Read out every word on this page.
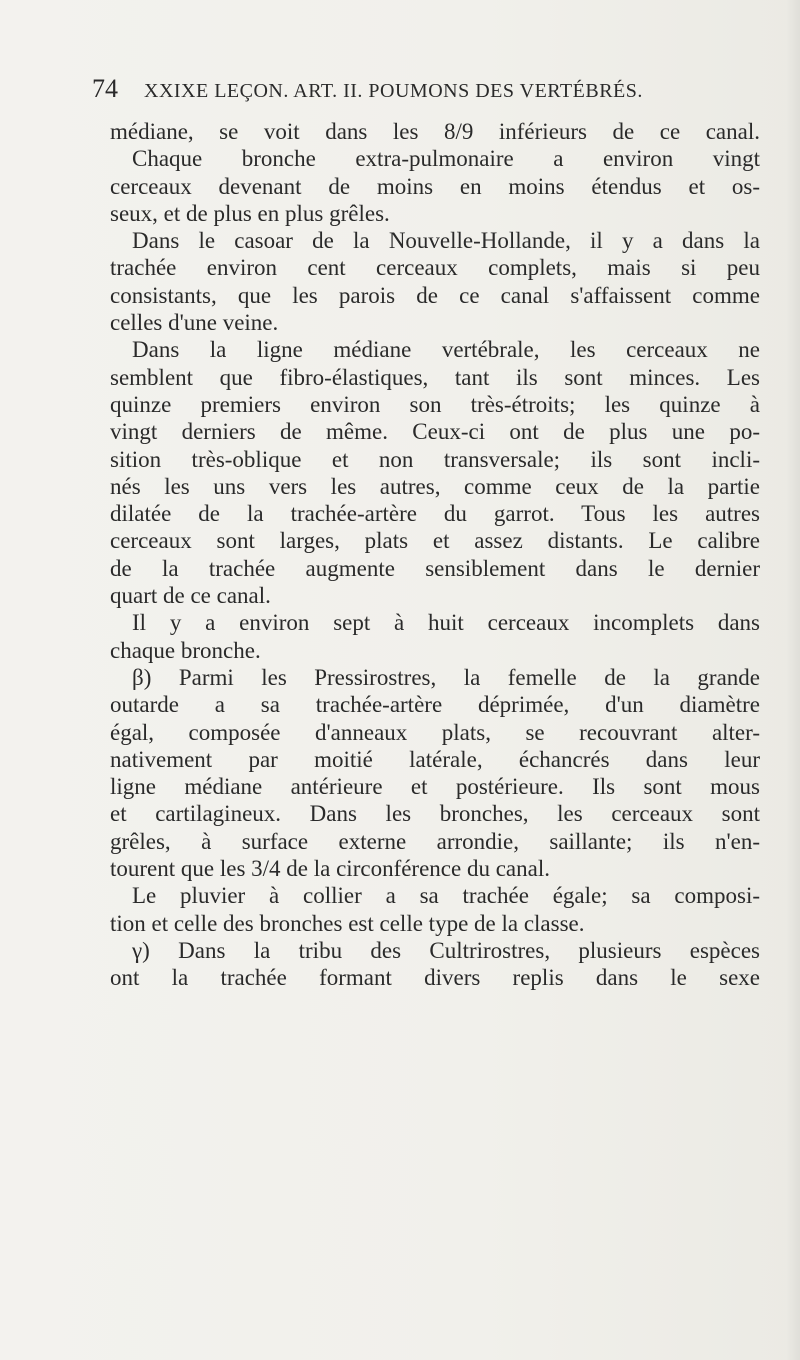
74 XXIXE LEÇON. ART. II. POUMONS DES VERTÉBRÉS.
médiane, se voit dans les 8/9 inférieurs de ce canal.
Chaque bronche extra-pulmonaire a environ vingt
cerceaux devenant de moins en moins étendus et os-
seux, et de plus en plus grêles.
Dans le casoar de la Nouvelle-Hollande, il y a dans la
trachée environ cent cerceaux complets, mais si peu
consistants, que les parois de ce canal s'affaissent comme
celles d'une veine.
Dans la ligne médiane vertébrale, les cerceaux ne
semblent que fibro-élastiques, tant ils sont minces. Les
quinze premiers environ son très-étroits; les quinze à
vingt derniers de même. Ceux-ci ont de plus une po-
sition très-oblique et non transversale; ils sont incli-
nés les uns vers les autres, comme ceux de la partie
dilatée de la trachée-artère du garrot. Tous les autres
cerceaux sont larges, plats et assez distants. Le calibre
de la trachée augmente sensiblement dans le dernier
quart de ce canal.
Il y a environ sept à huit cerceaux incomplets dans
chaque bronche.
β) Parmi les Pressirostres, la femelle de la grande
outarde a sa trachée-artère déprimée, d'un diamètre
égal, composée d'anneaux plats, se recouvrant alter-
nativement par moitié latérale, échancrés dans leur
ligne médiane antérieure et postérieure. Ils sont mous
et cartilagineux. Dans les bronches, les cerceaux sont
grêles, à surface externe arrondie, saillante; ils n'en-
tourent que les 3/4 de la circonférence du canal.
Le pluvier à collier a sa trachée égale; sa composi-
tion et celle des bronches est celle type de la classe.
γ) Dans la tribu des Cultrirostres, plusieurs espèces
ont la trachée formant divers replis dans le sexe
